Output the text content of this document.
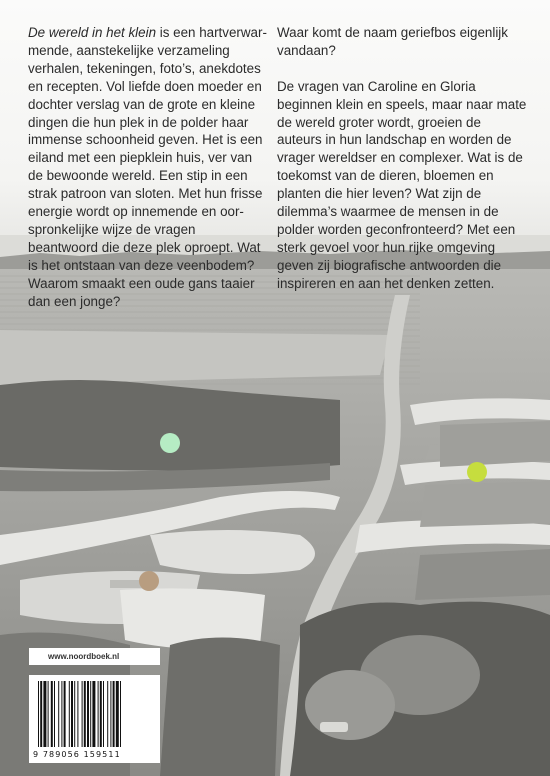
De wereld in het klein is een hartverwarmende, aanstekelijke verzameling verhalen, tekeningen, foto’s, anekdotes en recepten. Vol liefde doen moeder en dochter verslag van de grote en kleine dingen die hun plek in de polder haar immense schoonheid geven. Het is een eiland met een piepklein huis, ver van de bewoonde wereld. Een stip in een strak patroon van sloten. Met hun frisse energie wordt op innemende en oorspronkelijke wijze de vragen beantwoord die deze plek oproept. Wat is het ontstaan van deze veenbodem? Waarom smaakt een oude gans taaier dan een jonge?

Waar komt de naam geriefbos eigenlijk vandaan?

De vragen van Caroline en Gloria beginnen klein en speels, maar naar mate de wereld groter wordt, groeien de auteurs in hun landschap en worden de vrager wereldser en complexer. Wat is de toekomst van de dieren, bloemen en planten die hier leven? Wat zijn de dilemma’s waarmee de mensen in de polder worden geconfronteerd? Met een sterk gevoel voor hun rijke omgeving geven zij biografische antwoorden die inspireren en aan het denken zetten.

www.noordboek.nl
9 789056 159511
